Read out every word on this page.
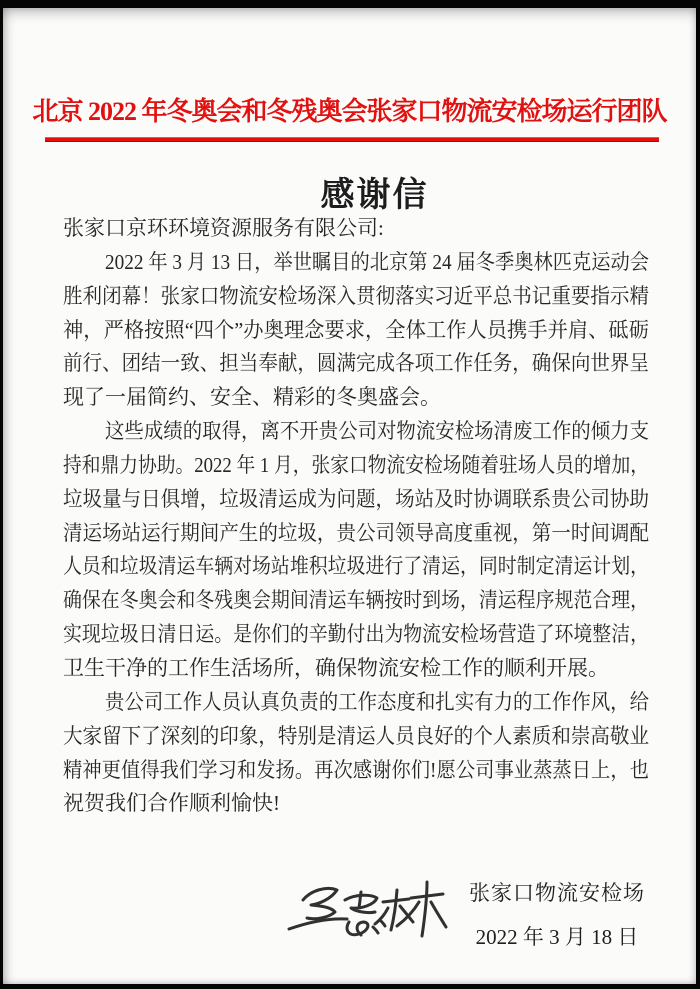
北京 2022 年冬奥会和冬残奥会张家口物流安检场运行团队
感谢信
张家口京环环境资源服务有限公司:
2022 年 3 月 13 日，举世瞩目的北京第 24 届冬季奥林匹克运动会
胜利闭幕！张家口物流安检场深入贯彻落实习近平总书记重要指示精
神，严格按照“四个”办奥理念要求，全体工作人员携手并肩、砥砺
前行、团结一致、担当奉献，圆满完成各项工作任务，确保向世界呈
现了一届简约、安全、精彩的冬奥盛会。
这些成绩的取得，离不开贵公司对物流安检场清废工作的倾力支
持和鼎力协助。2022 年 1 月，张家口物流安检场随着驻场人员的增加，
垃圾量与日俱增，垃圾清运成为问题，场站及时协调联系贵公司协助
清运场站运行期间产生的垃圾，贵公司领导高度重视，第一时间调配
人员和垃圾清运车辆对场站堆积垃圾进行了清运，同时制定清运计划，
确保在冬奥会和冬残奥会期间清运车辆按时到场，清运程序规范合理，
实现垃圾日清日运。是你们的辛勤付出为物流安检场营造了环境整洁，
卫生干净的工作生活场所，确保物流安检工作的顺利开展。
贵公司工作人员认真负责的工作态度和扎实有力的工作作风，给
大家留下了深刻的印象，特别是清运人员良好的个人素质和崇高敬业
精神更值得我们学习和发扬。再次感谢你们!愿公司事业蒸蒸日上，也
祝贺我们合作顺利愉快!
张家口物流安检场
2022 年 3 月 18 日
